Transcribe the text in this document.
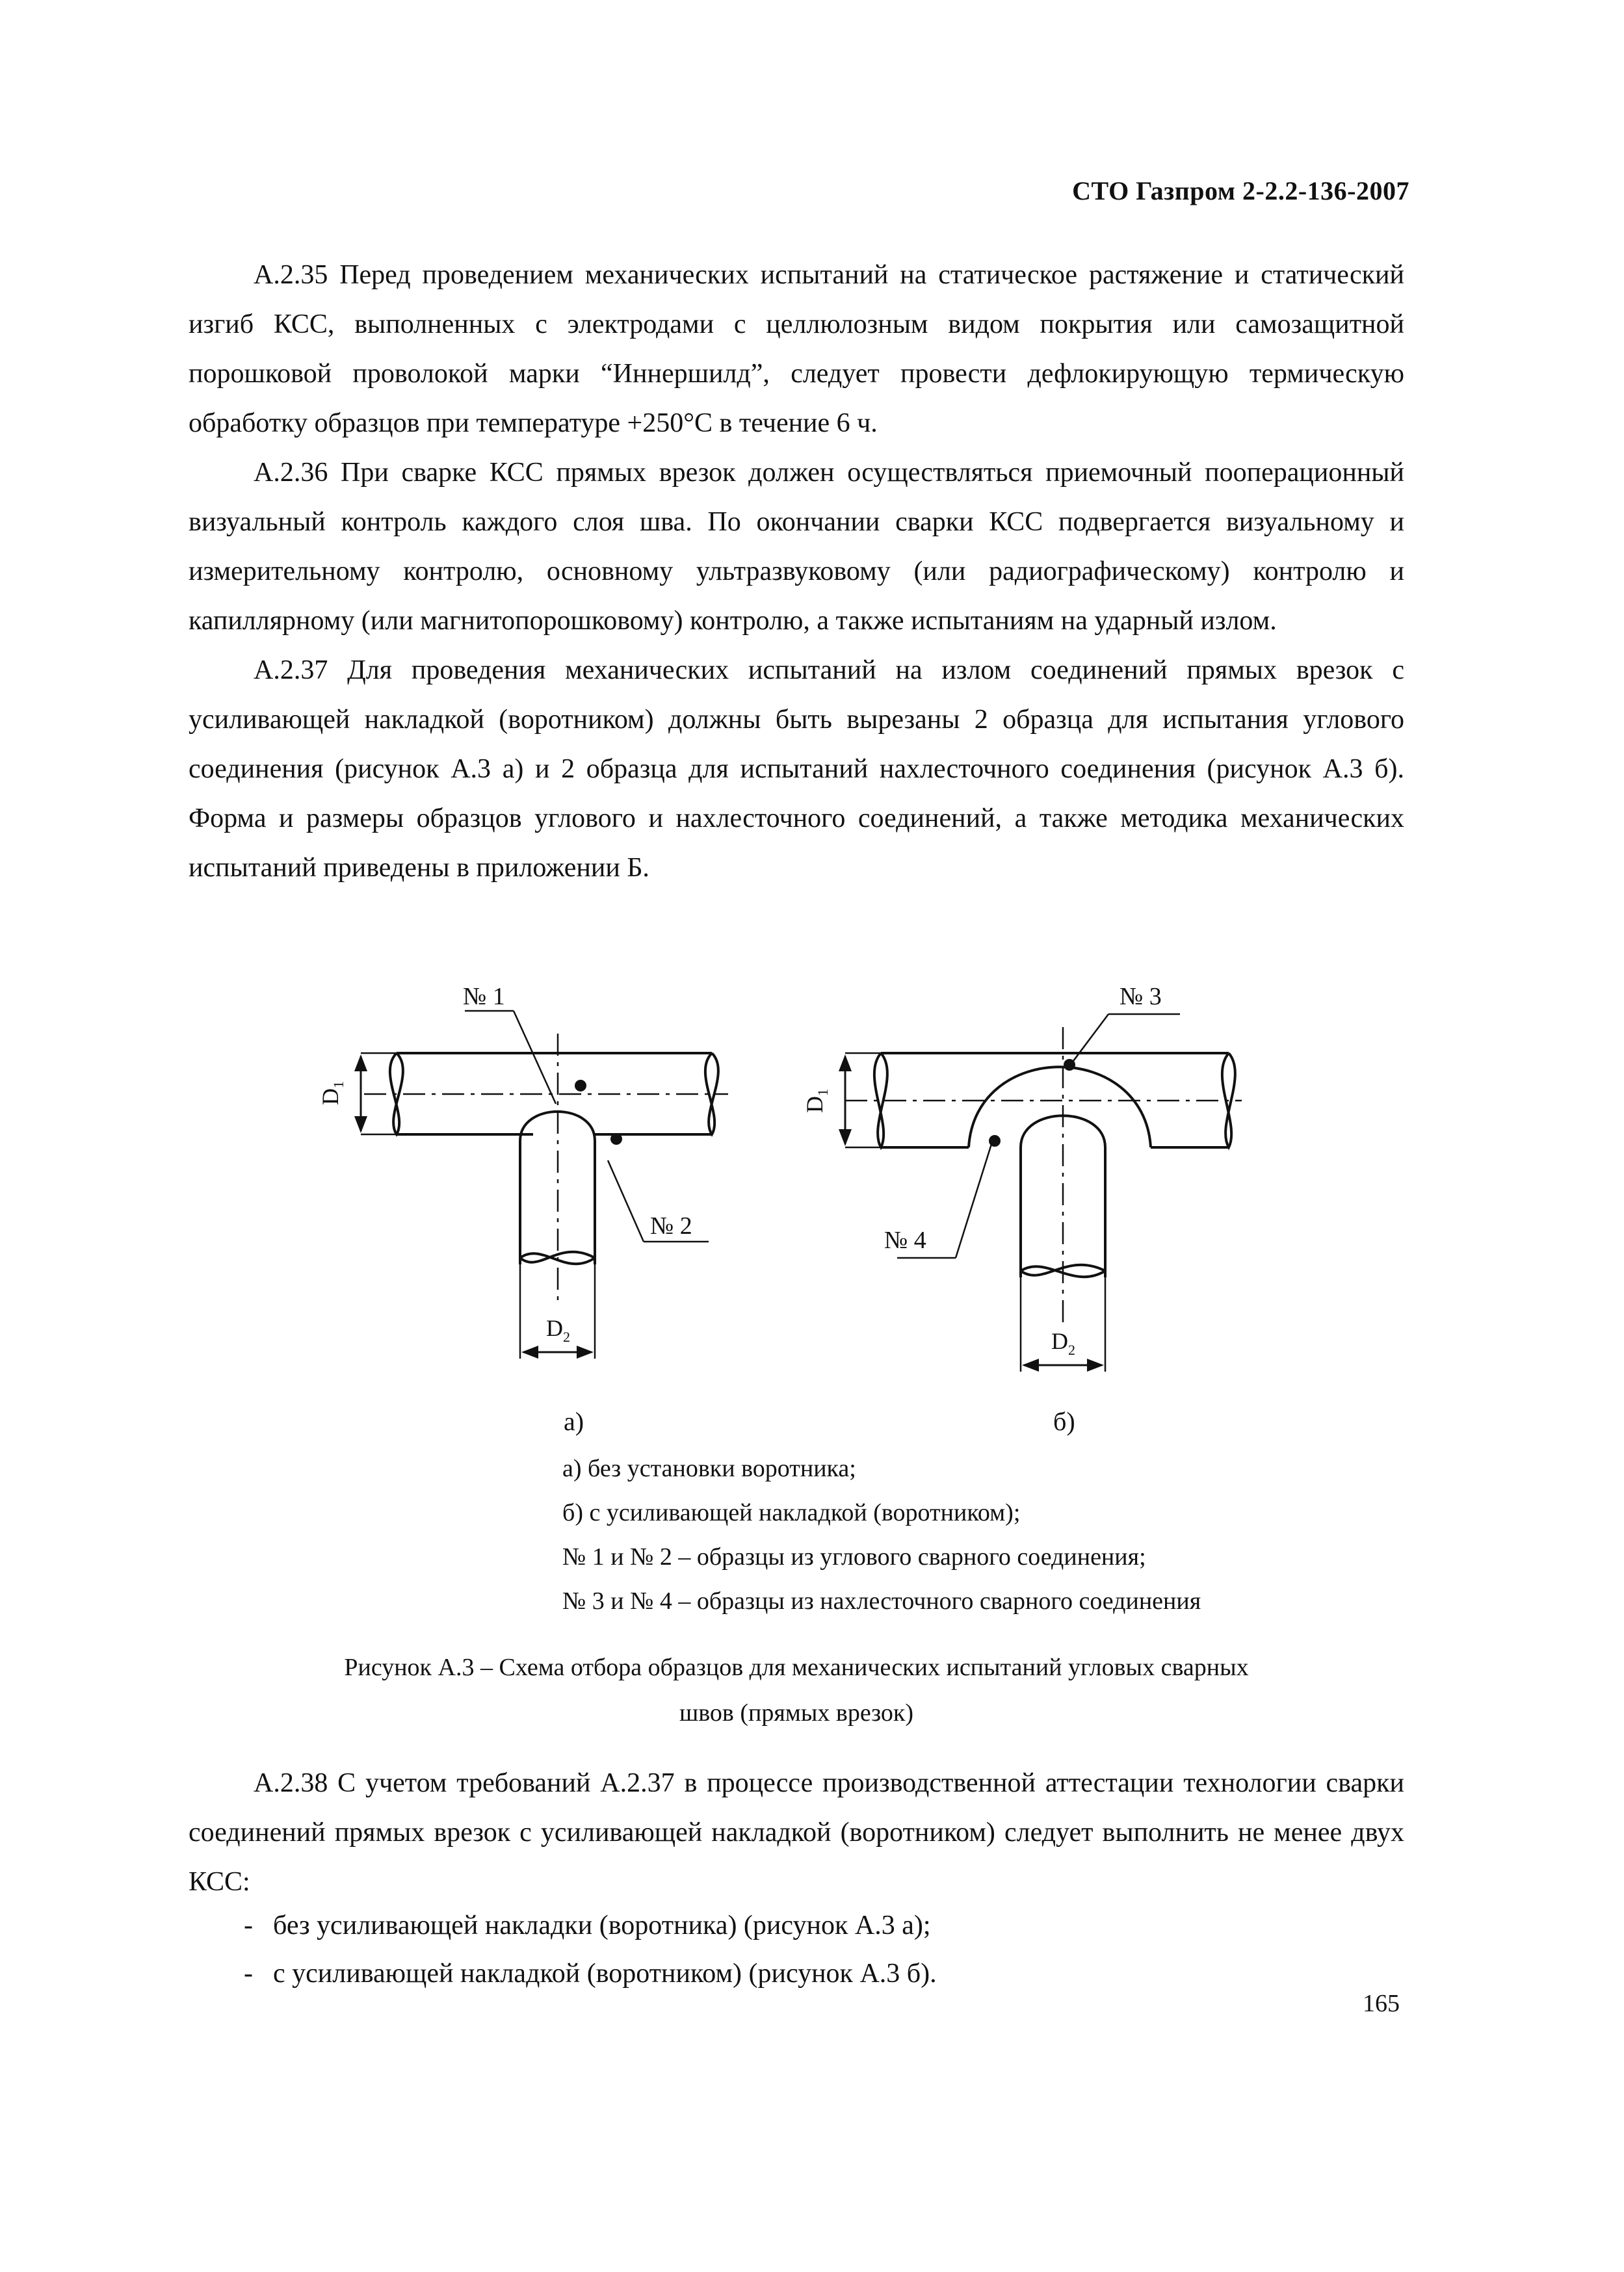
СТО Газпром 2-2.2-136-2007

А.2.35 Перед проведением механических испытаний на статическое растяжение и статический изгиб КСС, выполненных с электродами с целлюлозным видом покрытия или самозащитной порошковой проволокой марки “Иннершилд”, следует провести дефлокирующую термическую обработку образцов при температуре +250°С в течение 6 ч.

А.2.36 При сварке КСС прямых врезок должен осуществляться приемочный пооперационный визуальный контроль каждого слоя шва. По окончании сварки КСС подвергается визуальному и измерительному контролю, основному ультразвуковому (или радиографическому) контролю и капиллярному (или магнитопорошковому) контролю, а также испытаниям на ударный излом.

А.2.37 Для проведения механических испытаний на излом соединений прямых врезок с усиливающей накладкой (воротником) должны быть вырезаны 2 образца для испытания углового соединения (рисунок А.3 а) и 2 образца для испытаний нахлесточного соединения (рисунок А.3 б). Форма и размеры образцов углового и нахлесточного соединений, а также методика механических испытаний приведены в приложении Б.

№ 1
№ 2
D
1
D 2
а)
№ 3
№ 4
D
1
D 2
б)
а) без установки воротника;
б) с усиливающей накладкой (воротником);
№ 1 и № 2 – образцы из углового сварного соединения;
№ 3 и № 4 – образцы из нахлесточного сварного соединения
Рисунок А.3 – Схема отбора образцов для механических испытаний угловых сварных
швов (прямых врезок)

А.2.38 С учетом требований А.2.37 в процессе производственной аттестации технологии сварки соединений прямых врезок с усиливающей накладкой (воротником) следует выполнить не менее двух КСС:

- без усиливающей накладки (воротника) (рисунок А.3 а);
- с усиливающей накладкой (воротником) (рисунок А.3 б).
165
